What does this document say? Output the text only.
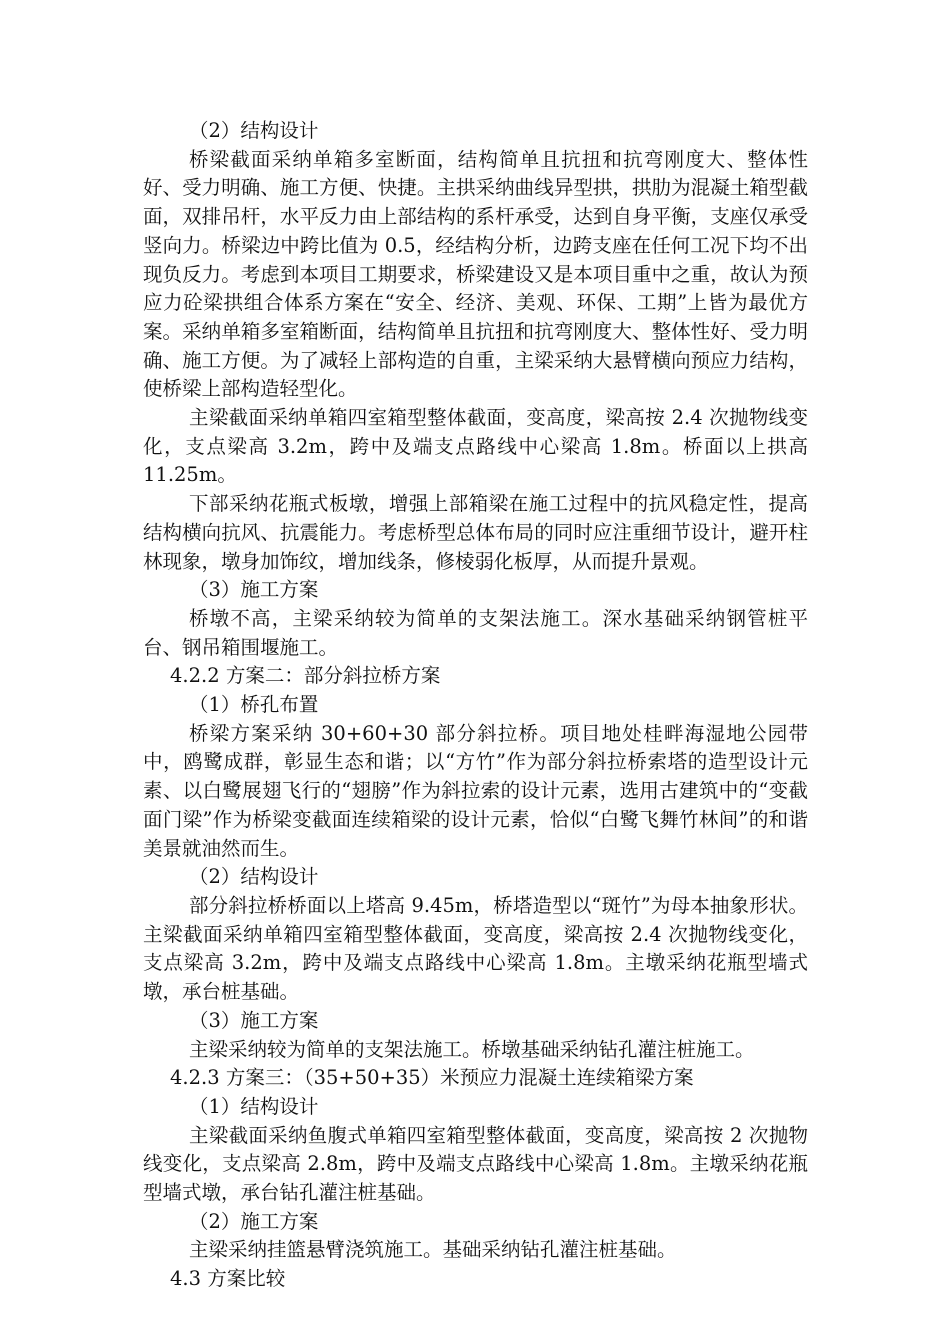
（2）结构设计

桥梁截面采纳单箱多室断面，结构简单且抗扭和抗弯刚度大、整体性好、受力明确、施工方便、快捷。主拱采纳曲线异型拱，拱肋为混凝土箱型截面，双排吊杆，水平反力由上部结构的系杆承受，达到自身平衡，支座仅承受竖向力。桥梁边中跨比值为 0.5，经结构分析，边跨支座在任何工况下均不出现负反力。考虑到本项目工期要求，桥梁建设又是本项目重中之重，故认为预应力砼梁拱组合体系方案在“安全、经济、美观、环保、工期”上皆为最优方案。采纳单箱多室箱断面，结构简单且抗扭和抗弯刚度大、整体性好、受力明确、施工方便。为了减轻上部构造的自重，主梁采纳大悬臂横向预应力结构，使桥梁上部构造轻型化。

主梁截面采纳单箱四室箱型整体截面，变高度，梁高按 2.4 次抛物线变化，支点梁高 3.2m，跨中及端支点路线中心梁高 1.8m。桥面以上拱高 11.25m。

下部采纳花瓶式板墩，增强上部箱梁在施工过程中的抗风稳定性，提高结构横向抗风、抗震能力。考虑桥型总体布局的同时应注重细节设计，避开柱林现象，墩身加饰纹，增加线条，修棱弱化板厚，从而提升景观。

（3）施工方案

桥墩不高，主梁采纳较为简单的支架法施工。深水基础采纳钢管桩平台、钢吊箱围堰施工。

4.2.2 方案二：部分斜拉桥方案

（1）桥孔布置

桥梁方案采纳 30+60+30 部分斜拉桥。项目地处桂畔海湿地公园带中，鸥鹭成群，彰显生态和谐；以“方竹”作为部分斜拉桥索塔的造型设计元素、以白鹭展翅飞行的“翅膀”作为斜拉索的设计元素，选用古建筑中的“变截面门梁”作为桥梁变截面连续箱梁的设计元素，恰似“白鹭飞舞竹林间”的和谐美景就油然而生。

（2）结构设计

部分斜拉桥桥面以上塔高 9.45m，桥塔造型以“斑竹”为母本抽象形状。主梁截面采纳单箱四室箱型整体截面，变高度，梁高按 2.4 次抛物线变化，支点梁高 3.2m，跨中及端支点路线中心梁高 1.8m。主墩采纳花瓶型墙式墩，承台桩基础。

（3）施工方案

主梁采纳较为简单的支架法施工。桥墩基础采纳钻孔灌注桩施工。

4.2.3 方案三：（35+50+35）米预应力混凝土连续箱梁方案

（1）结构设计

主梁截面采纳鱼腹式单箱四室箱型整体截面，变高度，梁高按 2 次抛物线变化，支点梁高 2.8m，跨中及端支点路线中心梁高 1.8m。主墩采纳花瓶型墙式墩，承台钻孔灌注桩基础。

（2）施工方案

主梁采纳挂篮悬臂浇筑施工。基础采纳钻孔灌注桩基础。

4.3 方案比较
